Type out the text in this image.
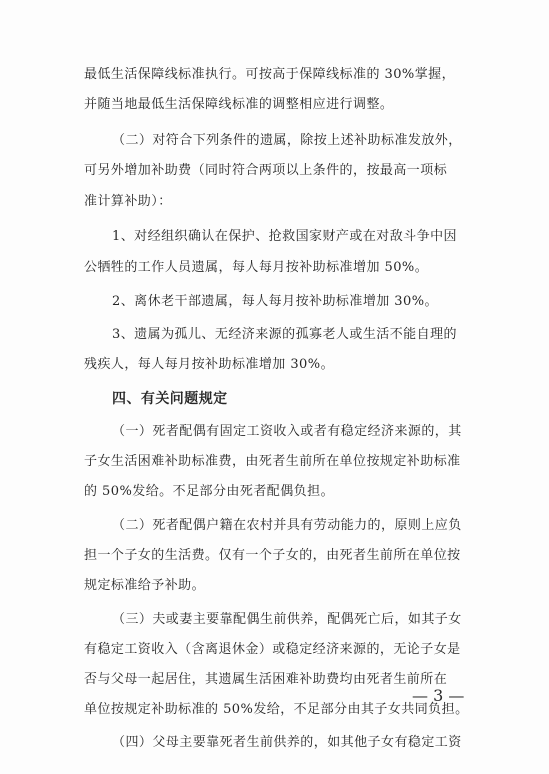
最低生活保障线标准执行。可按高于保障线标准的 30%掌握，
并随当地最低生活保障线标准的调整相应进行调整。
（二）对符合下列条件的遗属，除按上述补助标准发放外，
可另外增加补助费（同时符合两项以上条件的，按最高一项标
准计算补助）：
1、对经组织确认在保护、抢救国家财产或在对敌斗争中因
公牺牲的工作人员遗属，每人每月按补助标准增加 50%。
2、离休老干部遗属，每人每月按补助标准增加 30%。
3、遗属为孤儿、无经济来源的孤寡老人或生活不能自理的
残疾人，每人每月按补助标准增加 30%。
四、有关问题规定
（一）死者配偶有固定工资收入或者有稳定经济来源的，其
子女生活困难补助标准费，由死者生前所在单位按规定补助标准
的 50%发给。不足部分由死者配偶负担。
（二）死者配偶户籍在农村并具有劳动能力的，原则上应负
担一个子女的生活费。仅有一个子女的，由死者生前所在单位按
规定标准给予补助。
（三）夫或妻主要靠配偶生前供养，配偶死亡后，如其子女
有稳定工资收入（含离退休金）或稳定经济来源的，无论子女是
否与父母一起居住，其遗属生活困难补助费均由死者生前所在
单位按规定补助标准的 50%发给，不足部分由其子女共同负担。
（四）父母主要靠死者生前供养的，如其他子女有稳定工资
— 3 —
